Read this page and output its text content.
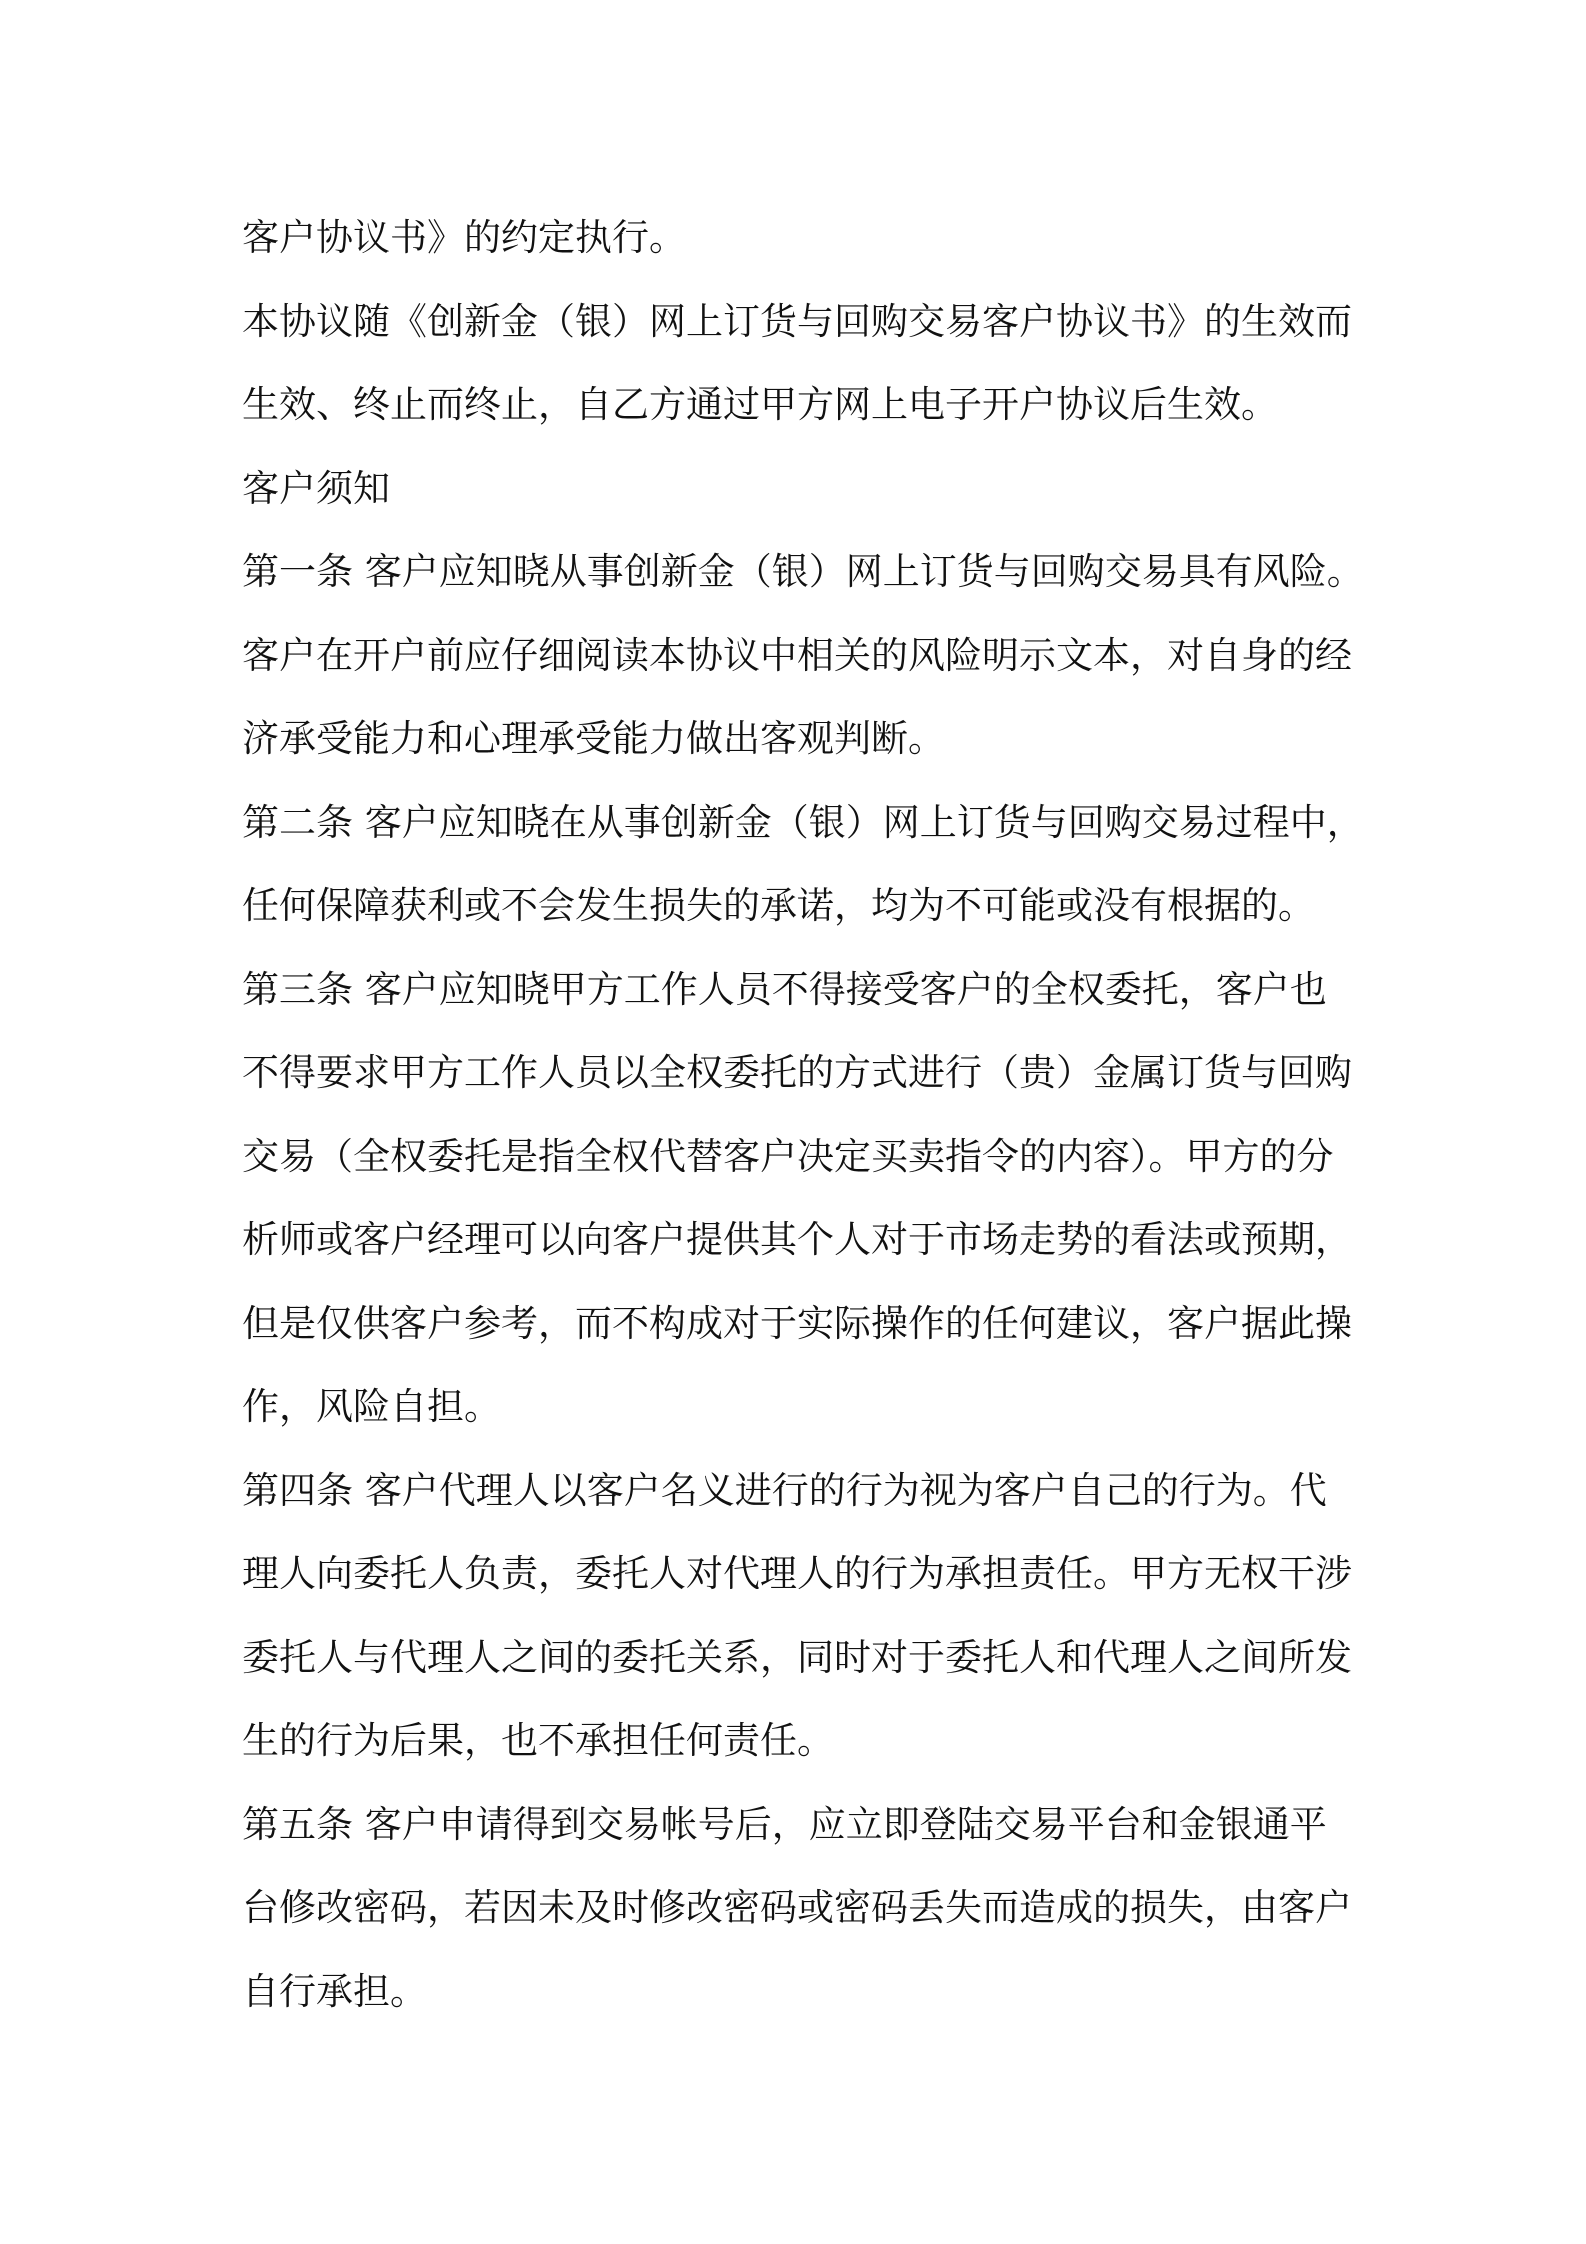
客户协议书》的约定执行。
本协议随《创新金（银）网上订货与回购交易客户协议书》的生效而
生效、终止而终止，自乙方通过甲方网上电子开户协议后生效。
客户须知
第一条 客户应知晓从事创新金（银）网上订货与回购交易具有风险。
客户在开户前应仔细阅读本协议中相关的风险明示文本，对自身的经
济承受能力和心理承受能力做出客观判断。
第二条 客户应知晓在从事创新金（银）网上订货与回购交易过程中，
任何保障获利或不会发生损失的承诺，均为不可能或没有根据的。
第三条 客户应知晓甲方工作人员不得接受客户的全权委托，客户也
不得要求甲方工作人员以全权委托的方式进行（贵）金属订货与回购
交易（全权委托是指全权代替客户决定买卖指令的内容）。甲方的分
析师或客户经理可以向客户提供其个人对于市场走势的看法或预期，
但是仅供客户参考，而不构成对于实际操作的任何建议，客户据此操
作，风险自担。
第四条 客户代理人以客户名义进行的行为视为客户自己的行为。代
理人向委托人负责，委托人对代理人的行为承担责任。甲方无权干涉
委托人与代理人之间的委托关系，同时对于委托人和代理人之间所发
生的行为后果，也不承担任何责任。
第五条 客户申请得到交易帐号后，应立即登陆交易平台和金银通平
台修改密码，若因未及时修改密码或密码丢失而造成的损失，由客户
自行承担。
